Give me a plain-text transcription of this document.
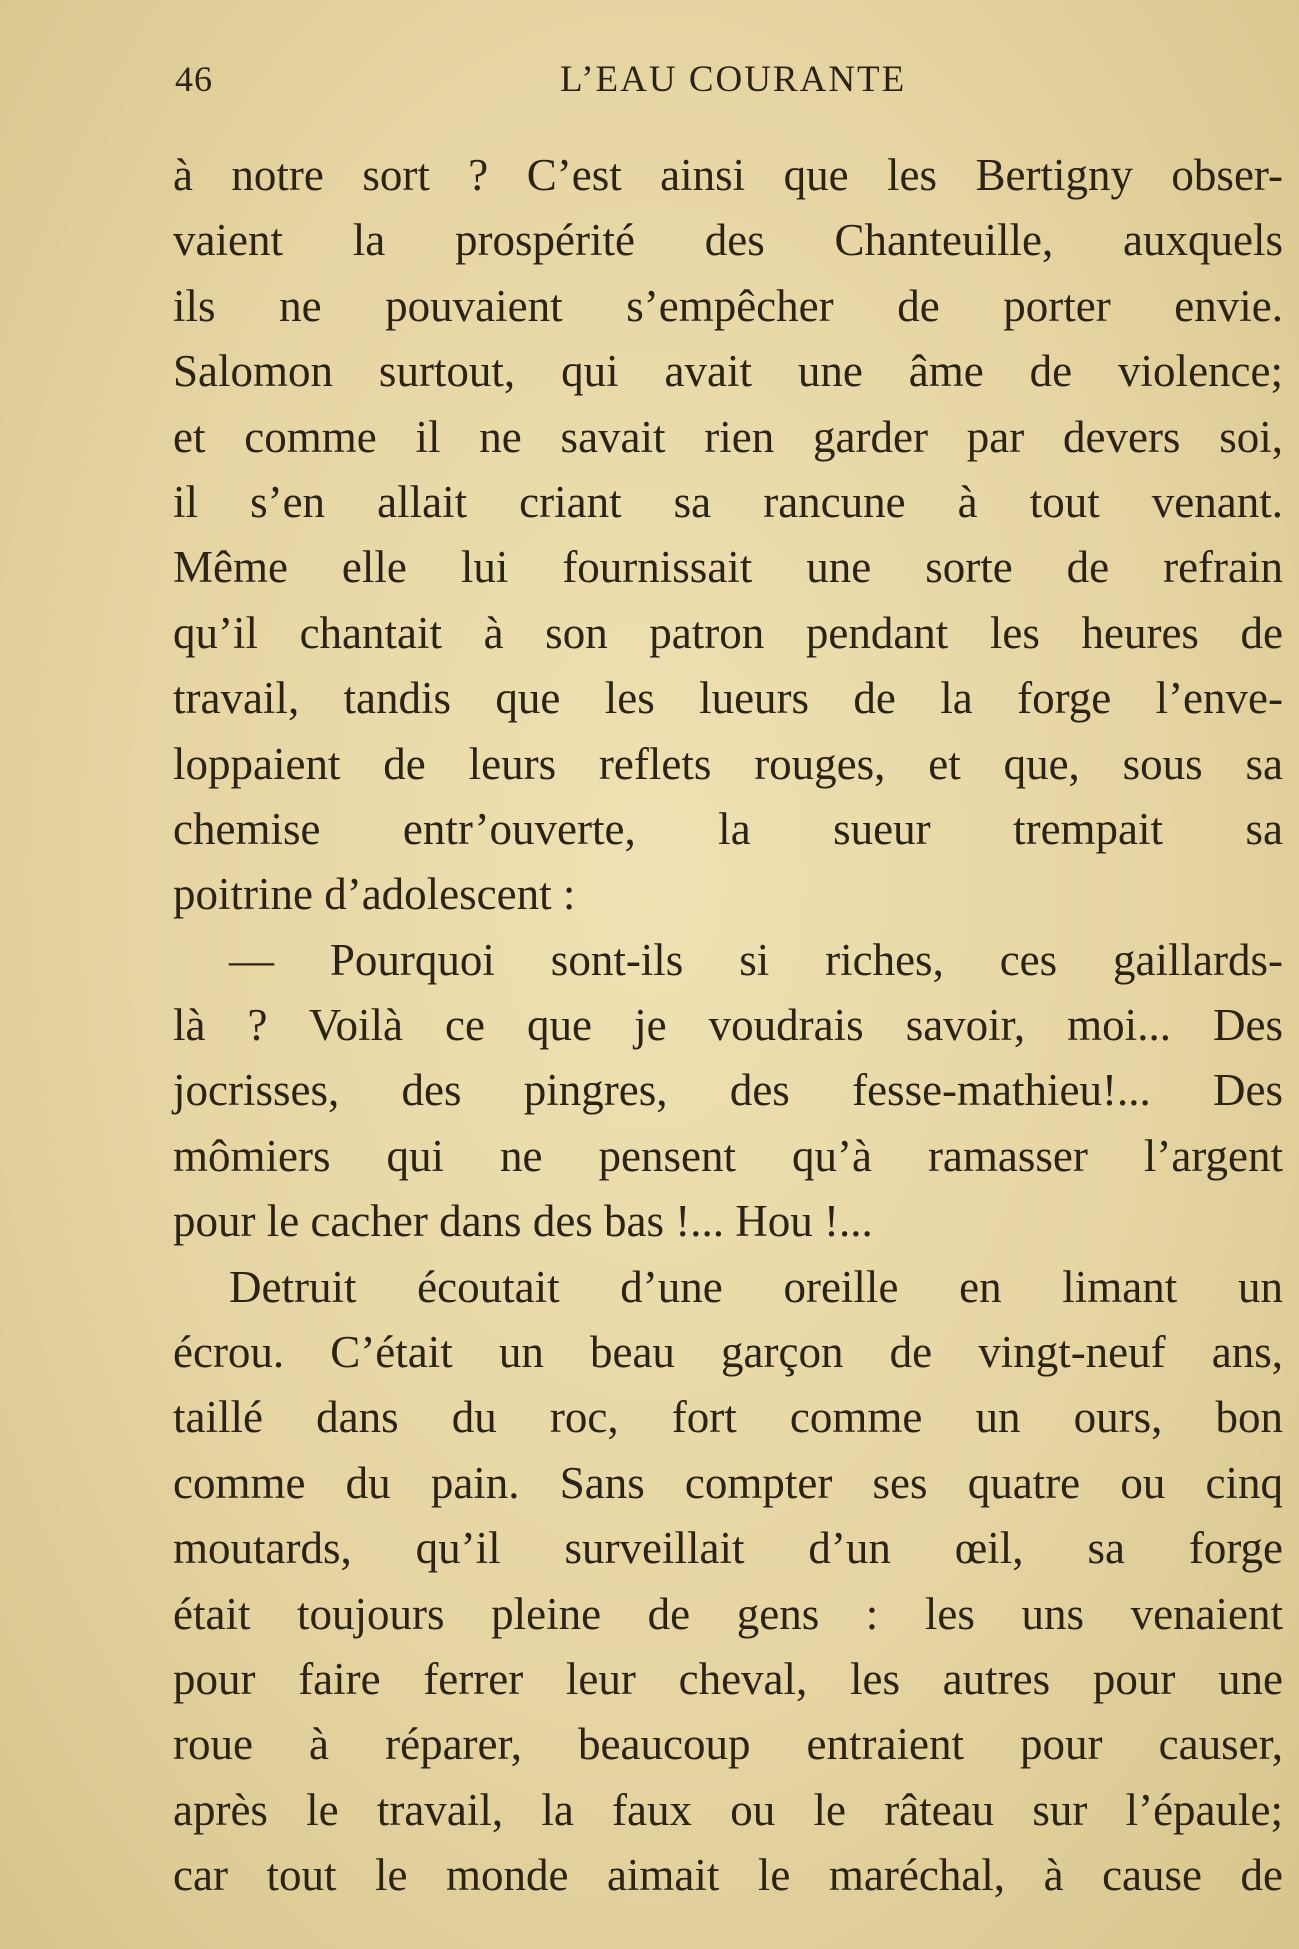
46	L’EAU COURANTE
à notre sort ? C’est ainsi que les Bertigny obser-
vaient la prospérité des Chanteuille, auxquels
ils ne pouvaient s’empêcher de porter envie.
Salomon surtout, qui avait une âme de violence;
et comme il ne savait rien garder par devers soi,
il s’en allait criant sa rancune à tout venant.
Même elle lui fournissait une sorte de refrain
qu’il chantait à son patron pendant les heures de
travail, tandis que les lueurs de la forge l’enve-
loppaient de leurs reflets rouges, et que, sous sa
chemise entr’ouverte, la sueur trempait sa
poitrine d’adolescent :
— Pourquoi sont-ils si riches, ces gaillards-
là ? Voilà ce que je voudrais savoir, moi... Des
jocrisses, des pingres, des fesse-mathieu!... Des
mômiers qui ne pensent qu’à ramasser l’argent
pour le cacher dans des bas !... Hou !...
Detruit écoutait d’une oreille en limant un
écrou. C’était un beau garçon de vingt-neuf ans,
taillé dans du roc, fort comme un ours, bon
comme du pain. Sans compter ses quatre ou cinq
moutards, qu’il surveillait d’un œil, sa forge
était toujours pleine de gens : les uns venaient
pour faire ferrer leur cheval, les autres pour une
roue à réparer, beaucoup entraient pour causer,
après le travail, la faux ou le râteau sur l’épaule;
car tout le monde aimait le maréchal, à cause de
